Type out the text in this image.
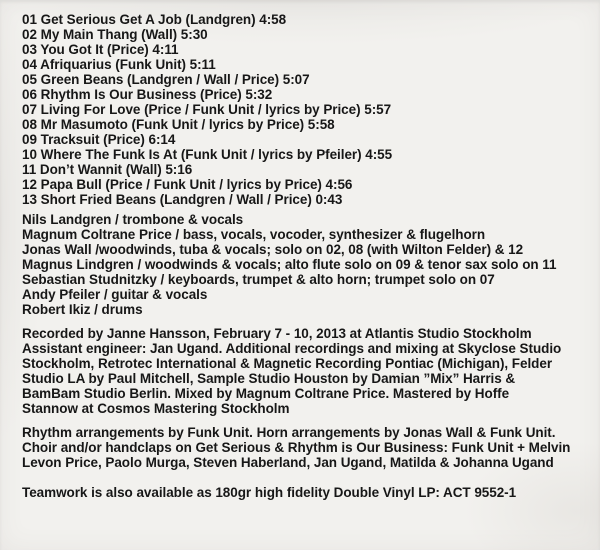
01 Get Serious Get A Job (Landgren) 4:58
02 My Main Thang (Wall) 5:30
03 You Got It (Price) 4:11
04 Afriquarius (Funk Unit) 5:11
05 Green Beans (Landgren / Wall / Price) 5:07
06 Rhythm Is Our Business (Price) 5:32
07 Living For Love (Price / Funk Unit / lyrics by Price) 5:57
08 Mr Masumoto (Funk Unit / lyrics by Price) 5:58
09 Tracksuit (Price) 6:14
10 Where The Funk Is At (Funk Unit / lyrics by Pfeiler) 4:55
11 Don’t Wannit (Wall) 5:16
12 Papa Bull (Price / Funk Unit / lyrics by Price) 4:56
13 Short Fried Beans (Landgren / Wall / Price) 0:43
Nils Landgren / trombone & vocals
Magnum Coltrane Price / bass, vocals, vocoder, synthesizer & flugelhorn
Jonas Wall /woodwinds, tuba & vocals; solo on 02, 08 (with Wilton Felder) & 12
Magnus Lindgren / woodwinds & vocals; alto flute solo on 09 & tenor sax solo on 11
Sebastian Studnitzky / keyboards, trumpet & alto horn; trumpet solo on 07
Andy Pfeiler / guitar & vocals
Robert Ikiz / drums
Recorded by Janne Hansson, February 7 - 10, 2013 at Atlantis Studio Stockholm
Assistant engineer: Jan Ugand. Additional recordings and mixing at Skyclose Studio
Stockholm, Retrotec International & Magnetic Recording Pontiac (Michigan), Felder
Studio LA by Paul Mitchell, Sample Studio Houston by Damian ”Mix” Harris &
BamBam Studio Berlin. Mixed by Magnum Coltrane Price. Mastered by Hoffe
Stannow at Cosmos Mastering Stockholm
Rhythm arrangements by Funk Unit. Horn arrangements by Jonas Wall & Funk Unit.
Choir and/or handclaps on Get Serious & Rhythm is Our Business: Funk Unit + Melvin
Levon Price, Paolo Murga, Steven Haberland, Jan Ugand, Matilda & Johanna Ugand
Teamwork is also available as 180gr high fidelity Double Vinyl LP: ACT 9552-1
